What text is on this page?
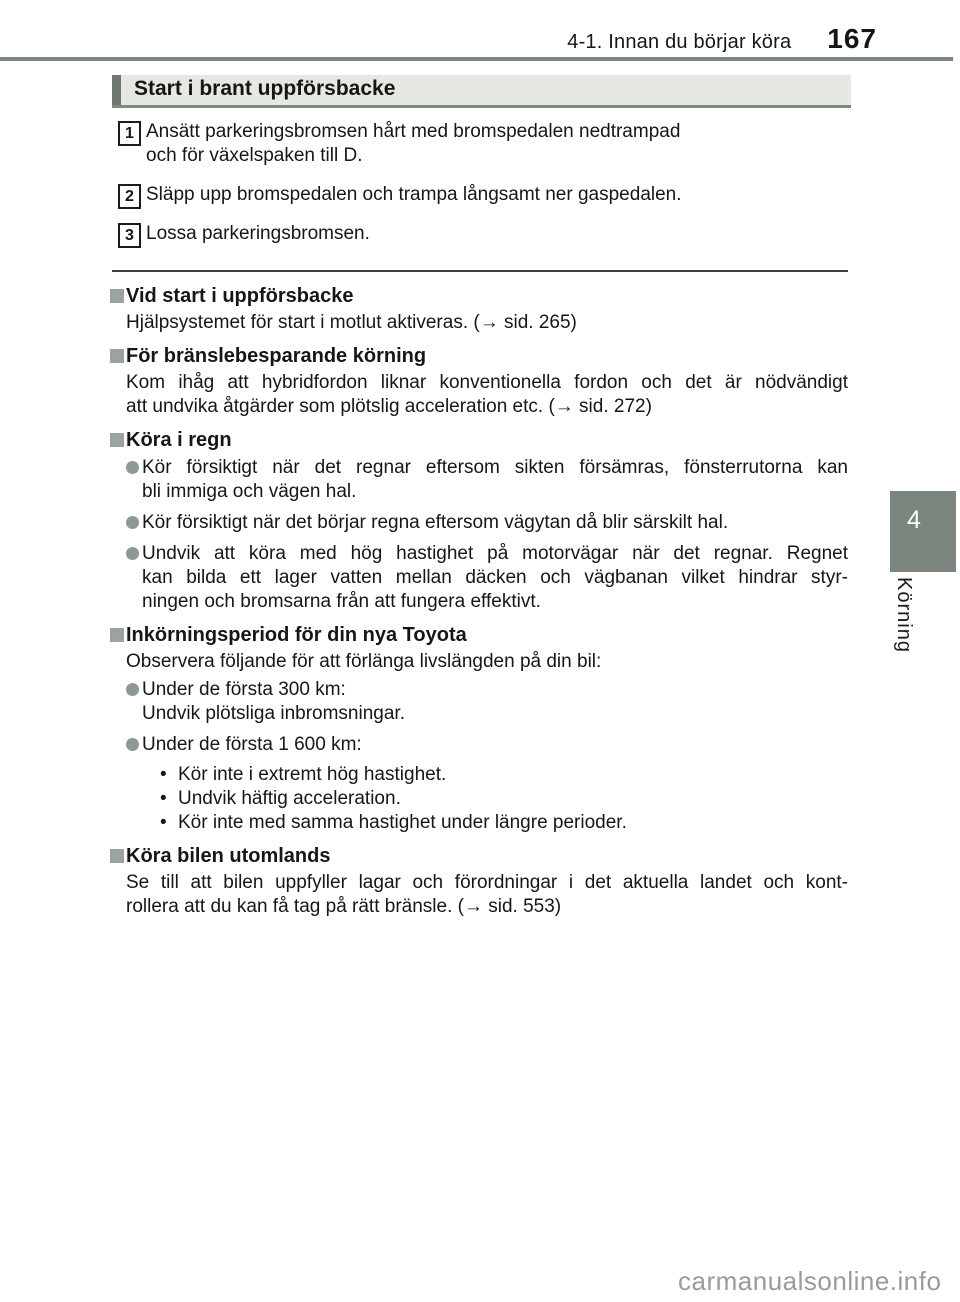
4-1. Innan du börjar köra 167
Start i brant uppförsbacke
1 Ansätt parkeringsbromsen hårt med bromspedalen nedtrampad
och för växelspaken till D.
2 Släpp upp bromspedalen och trampa långsamt ner gaspedalen.
3 Lossa parkeringsbromsen.
Vid start i uppförsbacke
Hjälpsystemet för start i motlut aktiveras. (→ sid. 265)
För bränslebesparande körning
Kom ihåg att hybridfordon liknar konventionella fordon och det är nödvändigt
att undvika åtgärder som plötslig acceleration etc. (→ sid. 272)
Köra i regn
Kör försiktigt när det regnar eftersom sikten försämras, fönsterrutorna kan
bli immiga och vägen hal.
Kör försiktigt när det börjar regna eftersom vägytan då blir särskilt hal.
Undvik att köra med hög hastighet på motorvägar när det regnar. Regnet
kan bilda ett lager vatten mellan däcken och vägbanan vilket hindrar styr-
ningen och bromsarna från att fungera effektivt.
Inkörningsperiod för din nya Toyota
Observera följande för att förlänga livslängden på din bil:
Under de första 300 km:
Undvik plötsliga inbromsningar.
Under de första 1 600 km:
• Kör inte i extremt hög hastighet.
• Undvik häftig acceleration.
• Kör inte med samma hastighet under längre perioder.
Köra bilen utomlands
Se till att bilen uppfyller lagar och förordningar i det aktuella landet och kont-
rollera att du kan få tag på rätt bränsle. (→ sid. 553)
4
Körning
carmanualsonline.info
